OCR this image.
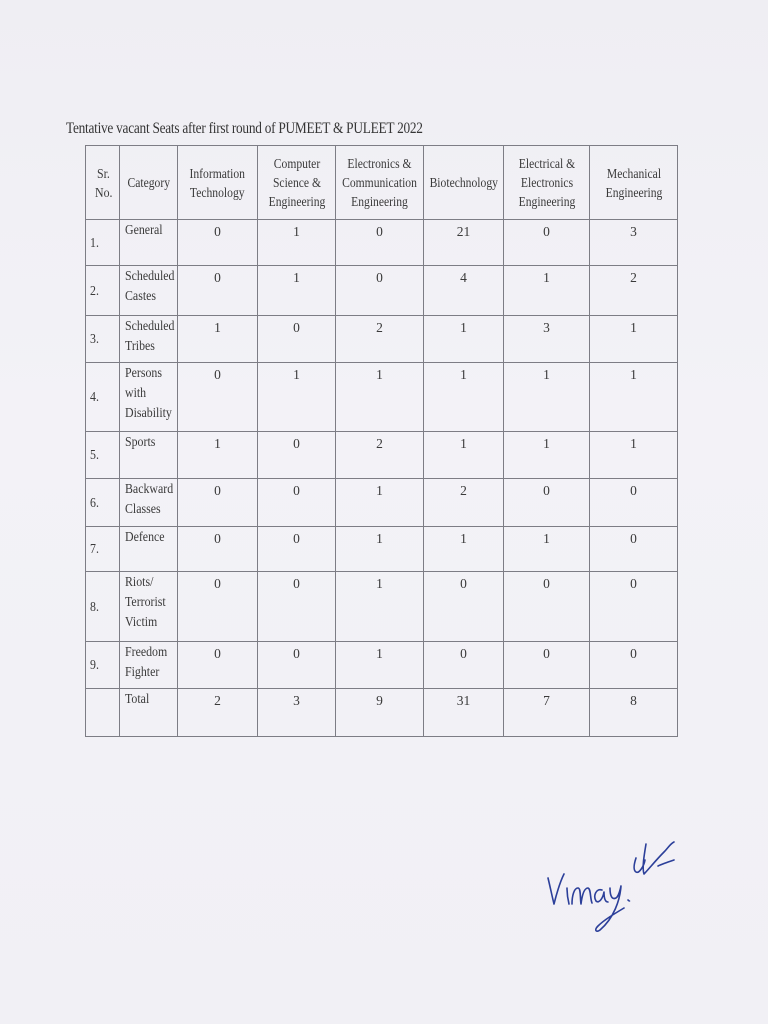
Tentative vacant Seats after first round of PUMEET & PULEET 2022
Sr.
No.	Category	Information
Technology	Computer
Science &
Engineering	Electronics &
Communication
Engineering	Biotechnology	Electrical &
Electronics
Engineering	Mechanical
Engineering
1.	General	0	1	0	21	0	3
2.	Scheduled
Castes	0	1	0	4	1	2
3.	Scheduled
Tribes	1	0	2	1	3	1
4.	Persons
with
Disability	0	1	1	1	1	1
5.	Sports	1	0	2	1	1	1
6.	Backward
Classes	0	0	1	2	0	0
7.	Defence	0	0	1	1	1	0
8.	Riots/
Terrorist
Victim	0	0	1	0	0	0
9.	Freedom
Fighter	0	0	1	0	0	0
	Total	2	3	9	31	7	8
Vinay
